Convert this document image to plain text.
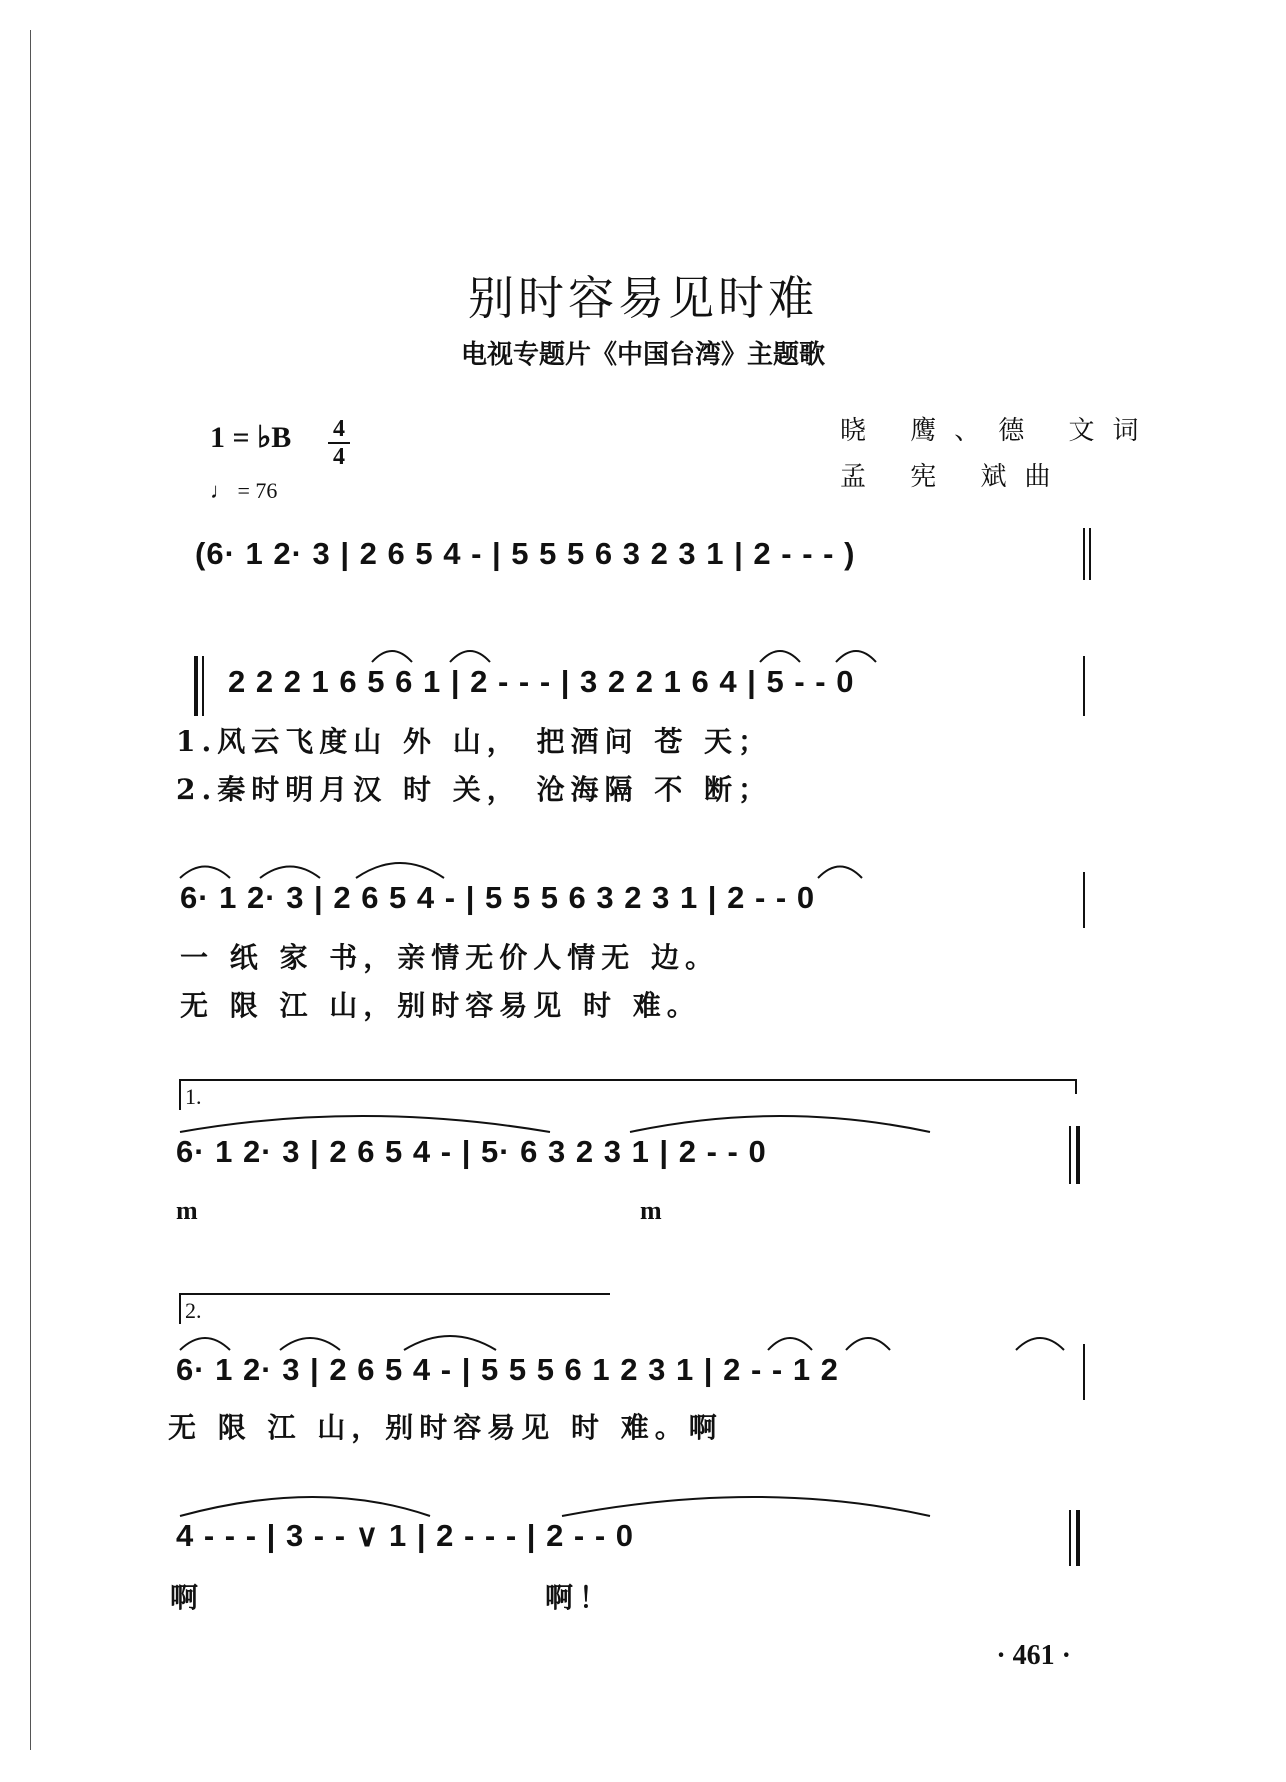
别时容易见时难
电视专题片《中国台湾》主题歌
1 = ♭B 4
4
♩ = 76
晓 鹰、德 文词
孟 宪 斌曲
(6· 1 2· 3 | 2 6 5 4 - | 5 5 5 6 3 2 3 1 | 2 - - - )
2 2 2 1 6 5 6 1 | 2 - - - | 3 2 2 1 6 4 | 5 - - 0
1.风云飞度山 外 山， 把酒问 苍 天；
2.秦时明月汉 时 关， 沧海隔 不 断；
6· 1 2· 3 | 2 6 5 4 - | 5 5 5 6 3 2 3 1 | 2 - - 0
一 纸 家 书，亲情无价人情无 边。
无 限 江 山，别时容易见 时 难。
1.
6· 1 2· 3 | 2 6 5 4 - | 5· 6 3 2 3 1 | 2 - - 0
m	m
2.
6· 1 2· 3 | 2 6 5 4 - | 5 5 5 6 1 2 3 1 | 2 - - 1 2
无 限 江 山，别时容易见 时 难。啊
4 - - - | 3 - - ∨ 1 | 2 - - - | 2 - - 0
啊	啊！
· 461 ·
